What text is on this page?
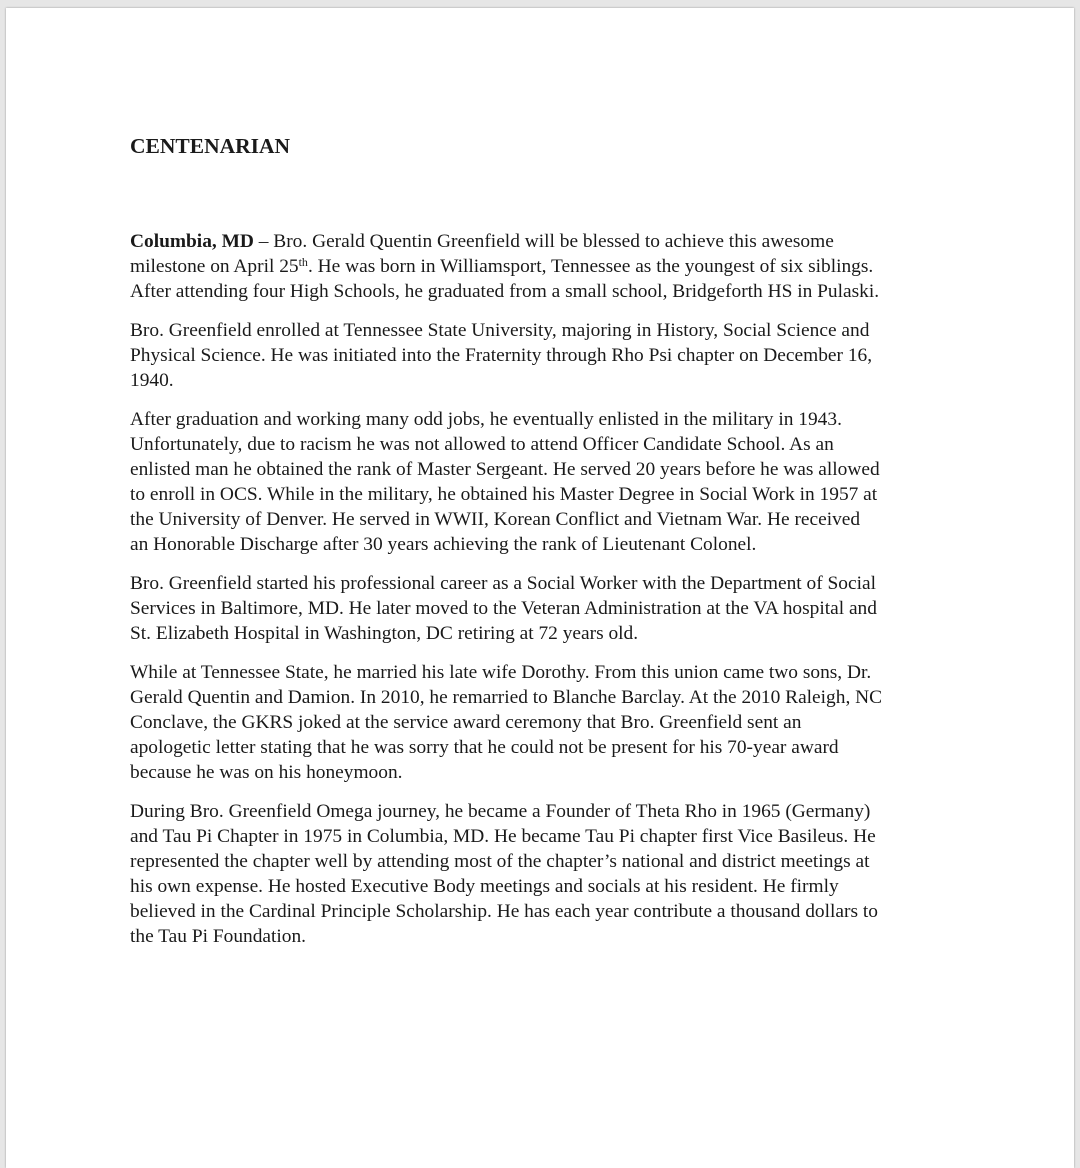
CENTENARIAN

Columbia, MD – Bro. Gerald Quentin Greenfield will be blessed to achieve this awesome
milestone on April 25th. He was born in Williamsport, Tennessee as the youngest of six siblings.
After attending four High Schools, he graduated from a small school, Bridgeforth HS in Pulaski.

Bro. Greenfield enrolled at Tennessee State University, majoring in History, Social Science and
Physical Science. He was initiated into the Fraternity through Rho Psi chapter on December 16,
1940.

After graduation and working many odd jobs, he eventually enlisted in the military in 1943.
Unfortunately, due to racism he was not allowed to attend Officer Candidate School. As an
enlisted man he obtained the rank of Master Sergeant. He served 20 years before he was allowed
to enroll in OCS. While in the military, he obtained his Master Degree in Social Work in 1957 at
the University of Denver. He served in WWII, Korean Conflict and Vietnam War. He received
an Honorable Discharge after 30 years achieving the rank of Lieutenant Colonel.

Bro. Greenfield started his professional career as a Social Worker with the Department of Social
Services in Baltimore, MD. He later moved to the Veteran Administration at the VA hospital and
St. Elizabeth Hospital in Washington, DC retiring at 72 years old.

While at Tennessee State, he married his late wife Dorothy. From this union came two sons, Dr.
Gerald Quentin and Damion. In 2010, he remarried to Blanche Barclay. At the 2010 Raleigh, NC
Conclave, the GKRS joked at the service award ceremony that Bro. Greenfield sent an
apologetic letter stating that he was sorry that he could not be present for his 70-year award
because he was on his honeymoon.

During Bro. Greenfield Omega journey, he became a Founder of Theta Rho in 1965 (Germany)
and Tau Pi Chapter in 1975 in Columbia, MD. He became Tau Pi chapter first Vice Basileus. He
represented the chapter well by attending most of the chapter’s national and district meetings at
his own expense. He hosted Executive Body meetings and socials at his resident. He firmly
believed in the Cardinal Principle Scholarship. He has each year contribute a thousand dollars to
the Tau Pi Foundation.
